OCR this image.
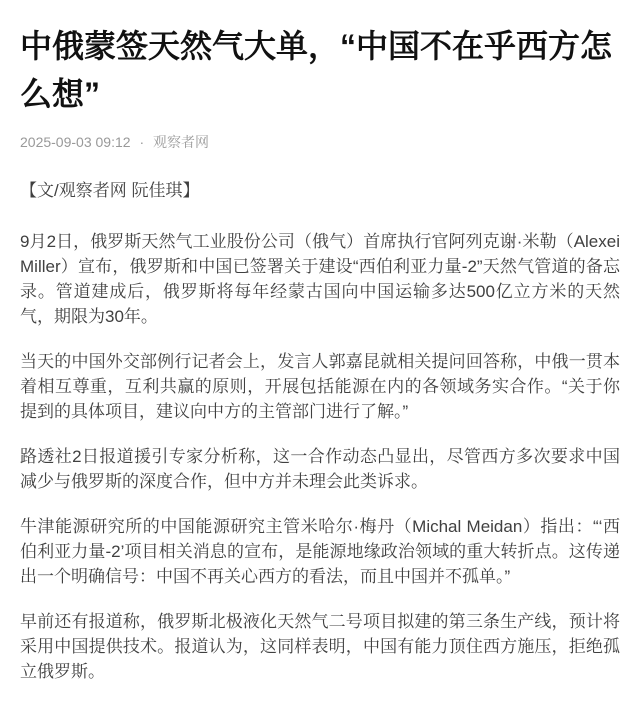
中俄蒙签天然气大单，“中国不在乎西方怎么想”
2025-09-03 09:12 · 观察者网

【文/观察者网 阮佳琪】

9月2日，俄罗斯天然气工业股份公司（俄气）首席执行官阿列克谢·米勒（Alexei Miller）宣布，俄罗斯和中国已签署关于建设“西伯利亚力量-2”天然气管道的备忘录。管道建成后，俄罗斯将每年经蒙古国向中国运输多达500亿立方米的天然气，期限为30年。

当天的中国外交部例行记者会上，发言人郭嘉昆就相关提问回答称，中俄一贯本着相互尊重，互利共赢的原则，开展包括能源在内的各领域务实合作。“关于你提到的具体项目，建议向中方的主管部门进行了解。”

路透社2日报道援引专家分析称，这一合作动态凸显出，尽管西方多次要求中国减少与俄罗斯的深度合作，但中方并未理会此类诉求。

牛津能源研究所的中国能源研究主管米哈尔·梅丹（Michal Meidan）指出：“‘西伯利亚力量-2’项目相关消息的宣布，是能源地缘政治领域的重大转折点。这传递出一个明确信号：中国不再关心西方的看法，而且中国并不孤单。”

早前还有报道称，俄罗斯北极液化天然气二号项目拟建的第三条生产线，预计将采用中国提供技术。报道认为，这同样表明，中国有能力顶住西方施压，拒绝孤立俄罗斯。
